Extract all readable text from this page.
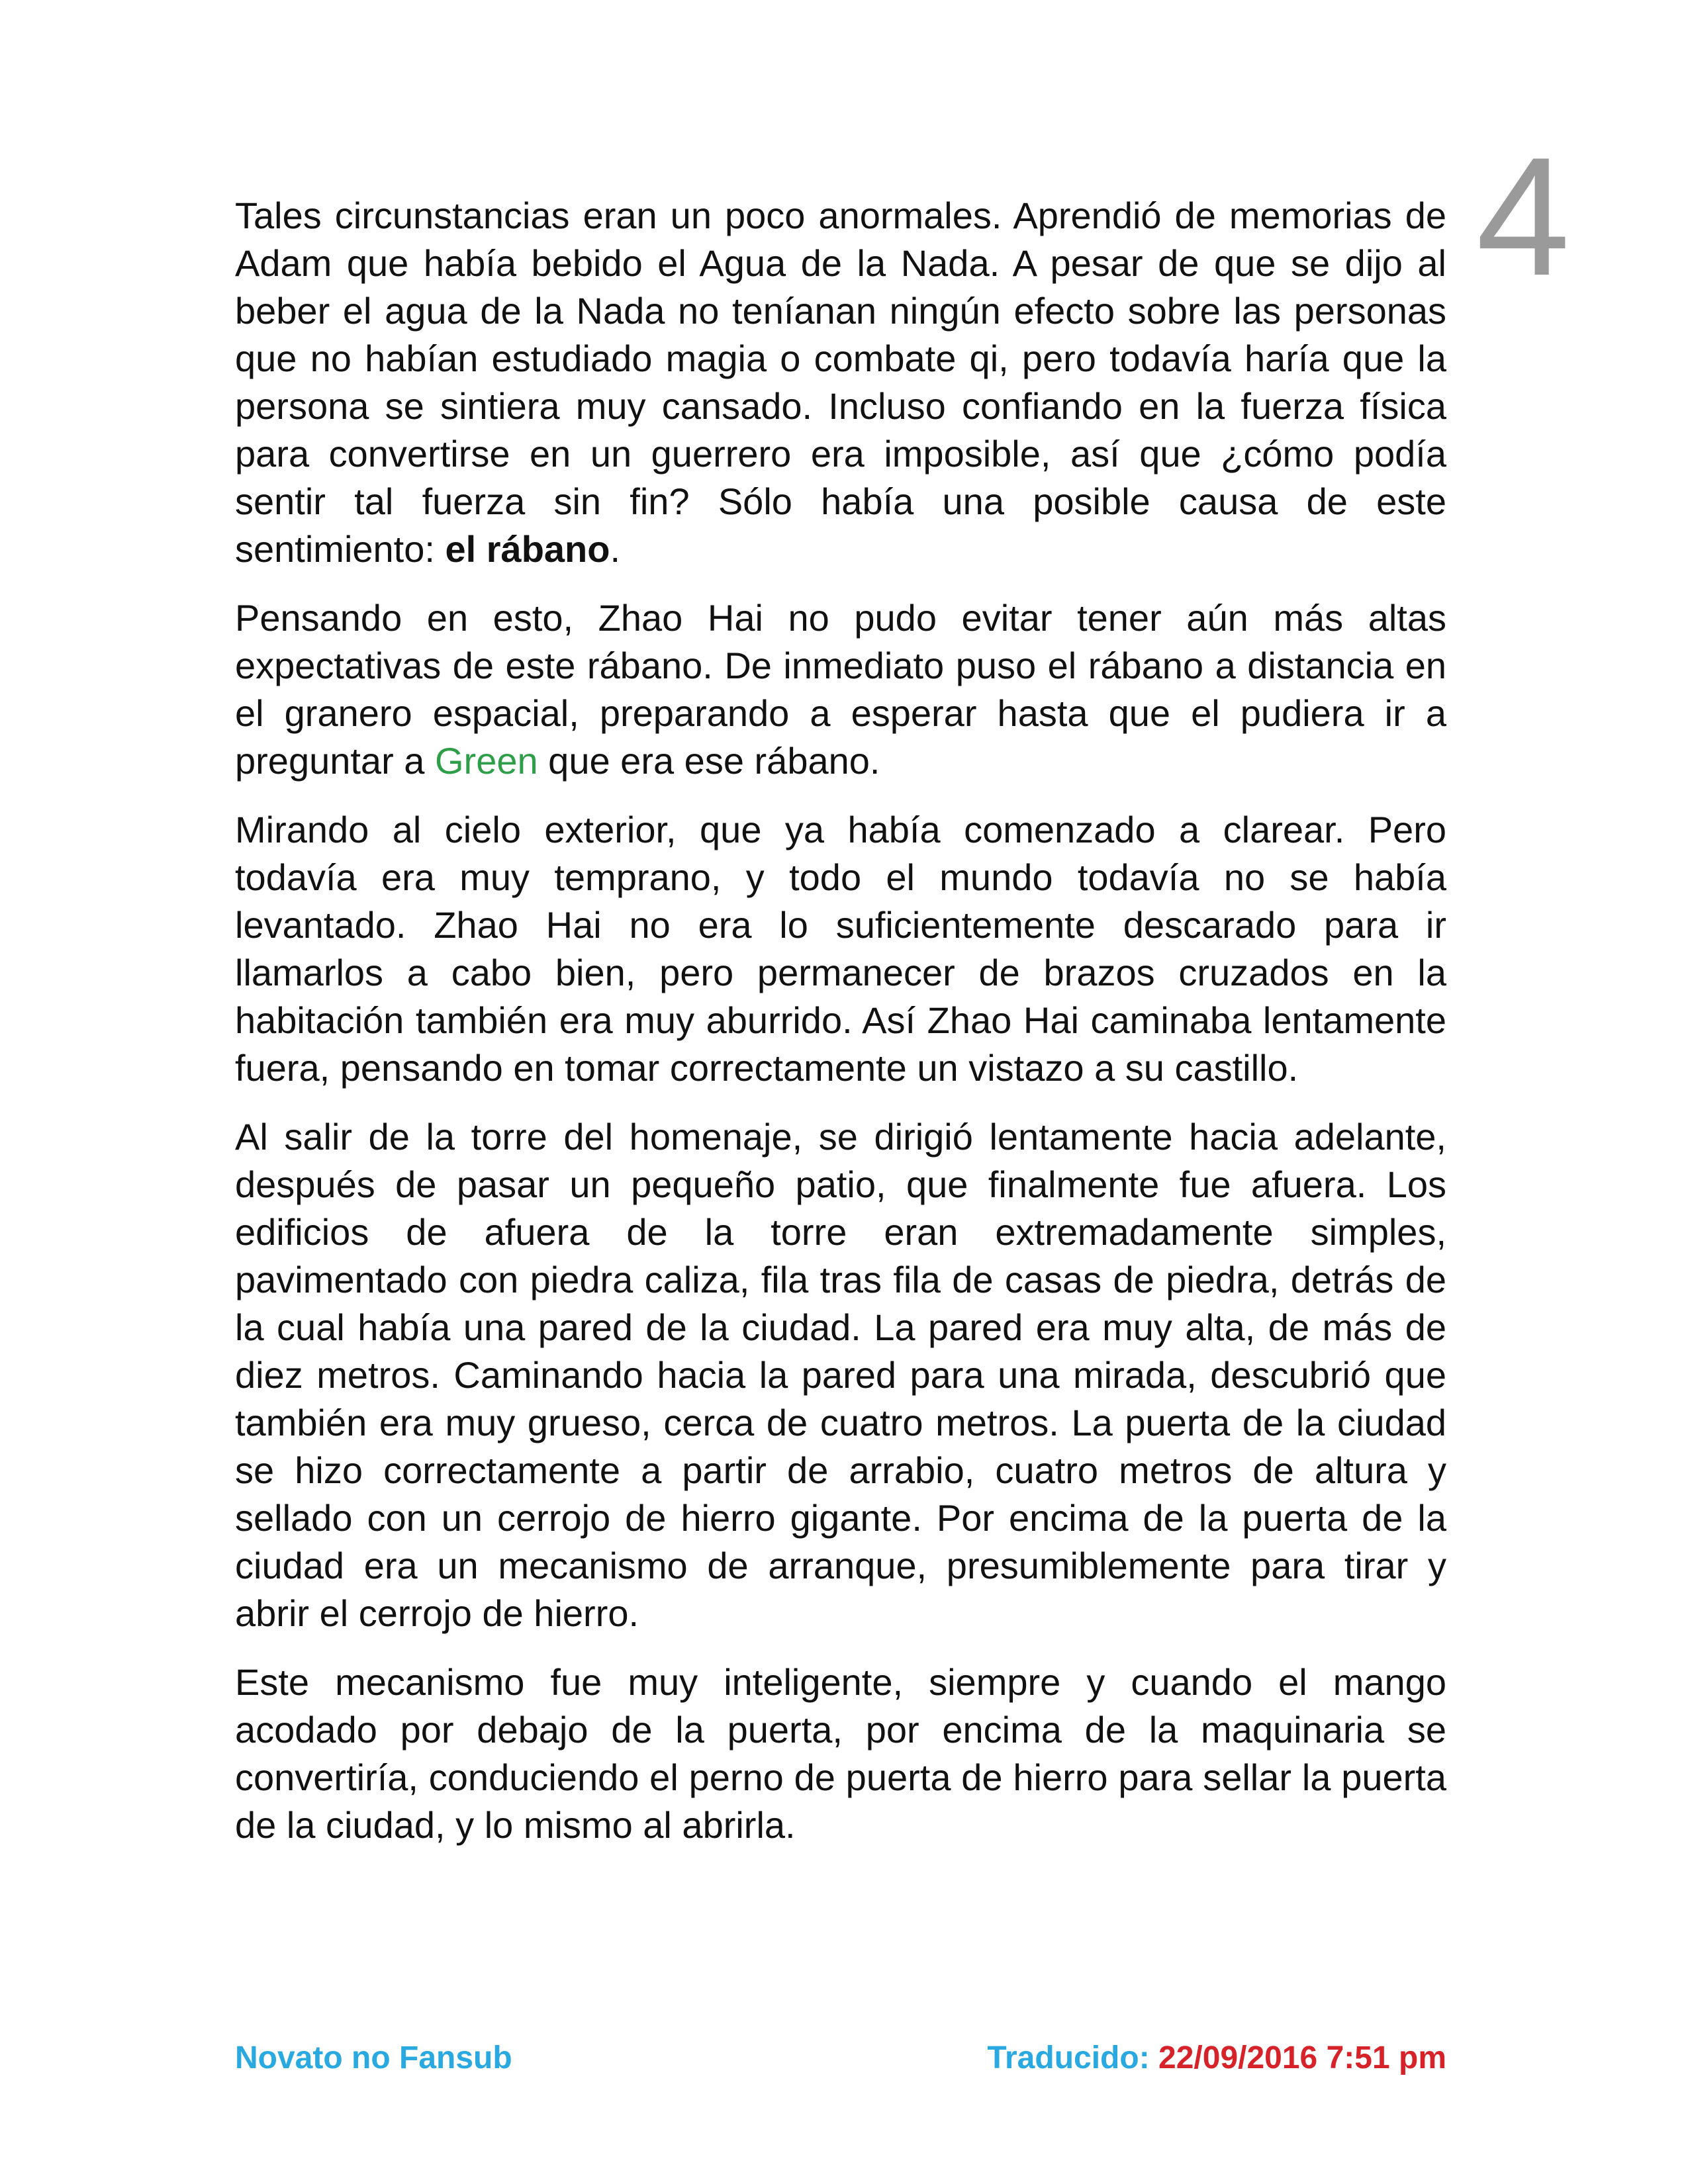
4

Tales circunstancias eran un poco anormales. Aprendió de memorias de Adam que había bebido el Agua de la Nada. A pesar de que se dijo al beber el agua de la Nada no teníanan ningún efecto sobre las personas que no habían estudiado magia o combate qi, pero todavía haría que la persona se sintiera muy cansado. Incluso confiando en la fuerza física para convertirse en un guerrero era imposible, así que ¿cómo podía sentir tal fuerza sin fin? Sólo había una posible causa de este sentimiento: el rábano.

Pensando en esto, Zhao Hai no pudo evitar tener aún más altas expectativas de este rábano. De inmediato puso el rábano a distancia en el granero espacial, preparando a esperar hasta que el pudiera ir a preguntar a Green que era ese rábano.

Mirando al cielo exterior, que ya había comenzado a clarear. Pero todavía era muy temprano, y todo el mundo todavía no se había levantado. Zhao Hai no era lo suficientemente descarado para ir llamarlos a cabo bien, pero permanecer de brazos cruzados en la habitación también era muy aburrido. Así Zhao Hai caminaba lentamente fuera, pensando en tomar correctamente un vistazo a su castillo.

Al salir de la torre del homenaje, se dirigió lentamente hacia adelante, después de pasar un pequeño patio, que finalmente fue afuera. Los edificios de afuera de la torre eran extremadamente simples, pavimentado con piedra caliza, fila tras fila de casas de piedra, detrás de la cual había una pared de la ciudad. La pared era muy alta, de más de diez metros. Caminando hacia la pared para una mirada, descubrió que también era muy grueso, cerca de cuatro metros. La puerta de la ciudad se hizo correctamente a partir de arrabio, cuatro metros de altura y sellado con un cerrojo de hierro gigante. Por encima de la puerta de la ciudad era un mecanismo de arranque, presumiblemente para tirar y abrir el cerrojo de hierro.

Este mecanismo fue muy inteligente, siempre y cuando el mango acodado por debajo de la puerta, por encima de la maquinaria se convertiría, conduciendo el perno de puerta de hierro para sellar la puerta de la ciudad, y lo mismo al abrirla.

Novato no Fansub	Traducido: 22/09/2016 7:51 pm
